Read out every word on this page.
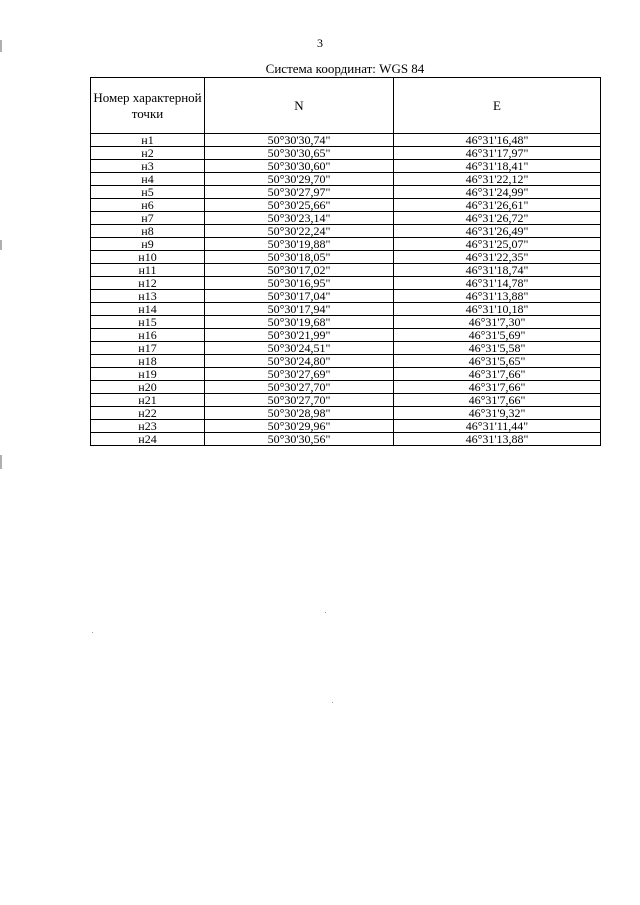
3
Система координат: WGS 84
Номер характерной точки	N	E
н1	50°30'30,74"	46°31'16,48"
н2	50°30'30,65"	46°31'17,97"
н3	50°30'30,60"	46°31'18,41"
н4	50°30'29,70"	46°31'22,12"
н5	50°30'27,97"	46°31'24,99"
н6	50°30'25,66"	46°31'26,61"
н7	50°30'23,14"	46°31'26,72"
н8	50°30'22,24"	46°31'26,49"
н9	50°30'19,88"	46°31'25,07"
н10	50°30'18,05"	46°31'22,35"
н11	50°30'17,02"	46°31'18,74"
н12	50°30'16,95"	46°31'14,78"
н13	50°30'17,04"	46°31'13,88"
н14	50°30'17,94"	46°31'10,18"
н15	50°30'19,68"	46°31'7,30"
н16	50°30'21,99"	46°31'5,69"
н17	50°30'24,51"	46°31'5,58"
н18	50°30'24,80"	46°31'5,65"
н19	50°30'27,69"	46°31'7,66"
н20	50°30'27,70"	46°31'7,66"
н21	50°30'27,70"	46°31'7,66"
н22	50°30'28,98"	46°31'9,32"
н23	50°30'29,96"	46°31'11,44"
н24	50°30'30,56"	46°31'13,88"
